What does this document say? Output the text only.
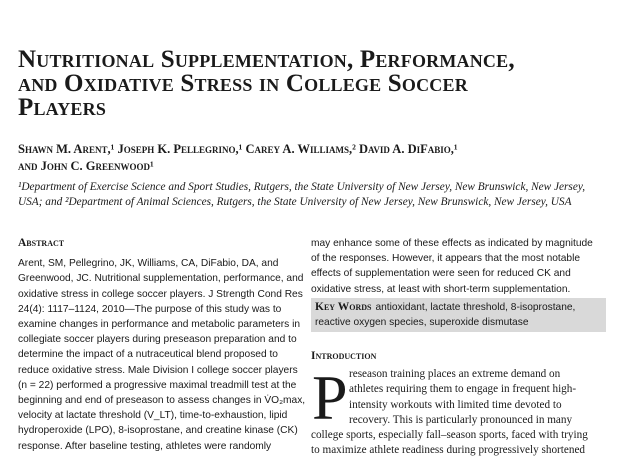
Nutritional Supplementation, Performance,
and Oxidative Stress in College Soccer
Players
Shawn M. Arent,¹ Joseph K. Pellegrino,¹ Carey A. Williams,² David A. DiFabio,¹
and John C. Greenwood¹
¹Department of Exercise Science and Sport Studies, Rutgers, the State University of New Jersey, New Brunswick, New Jersey,
USA; and ²Department of Animal Sciences, Rutgers, the State University of New Jersey, New Brunswick, New Jersey, USA
Abstract
Arent, SM, Pellegrino, JK, Williams, CA, DiFabio, DA, and
Greenwood, JC. Nutritional supplementation, performance, and
oxidative stress in college soccer players. J Strength Cond Res
24(4): 1117–1124, 2010—The purpose of this study was to
examine changes in performance and metabolic parameters in
collegiate soccer players during preseason preparation and to
determine the impact of a nutraceutical blend proposed to
reduce oxidative stress. Male Division I college soccer players
(n = 22) performed a progressive maximal treadmill test at the
beginning and end of preseason to assess changes in V̇O₂max,
velocity at lactate threshold (V_LT), time-to-exhaustion, lipid
hydroperoxide (LPO), 8-isoprostane, and creatine kinase (CK)
response. After baseline testing, athletes were randomly
may enhance some of these effects as indicated by magnitude
of the responses. However, it appears that the most notable
effects of supplementation were seen for reduced CK and
oxidative stress, at least with short-term supplementation.
Key Words antioxidant, lactate threshold, 8-isoprostane,
reactive oxygen species, superoxide dismutase
Introduction
P reseason training places an extreme demand on
athletes requiring them to engage in frequent high-
intensity workouts with limited time devoted to
recovery. This is particularly pronounced in many
college sports, especially fall–season sports, faced with trying
to maximize athlete readiness during progressively shortened
